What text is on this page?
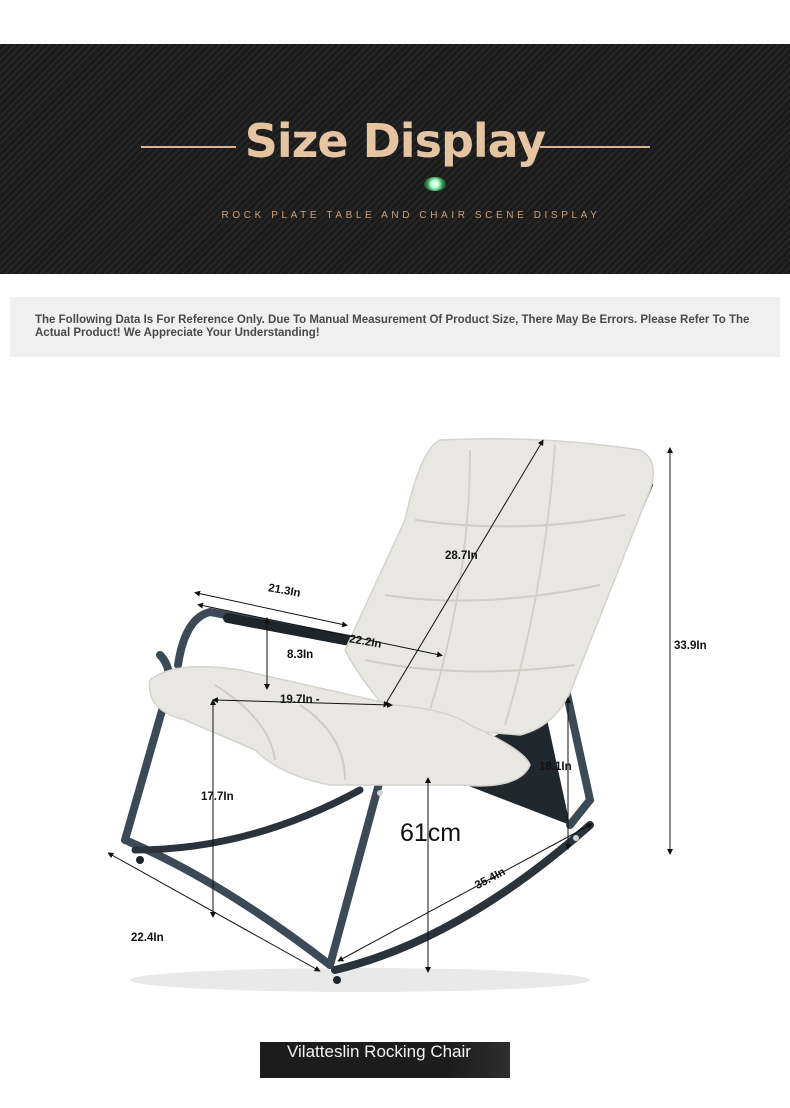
Size Display
ROCK PLATE TABLE AND CHAIR SCENE DISPLAY

The Following Data Is For Reference Only. Due To Manual Measurement Of Product Size, There May Be Errors. Please Refer To The Actual Product! We Appreciate Your Understanding!

28.7In
21.3In
22.2In
8.3In
19.7In -
33.9In
18.1In
17.7In
61cm
35.4In
22.4In
Vilatteslin Rocking Chair
